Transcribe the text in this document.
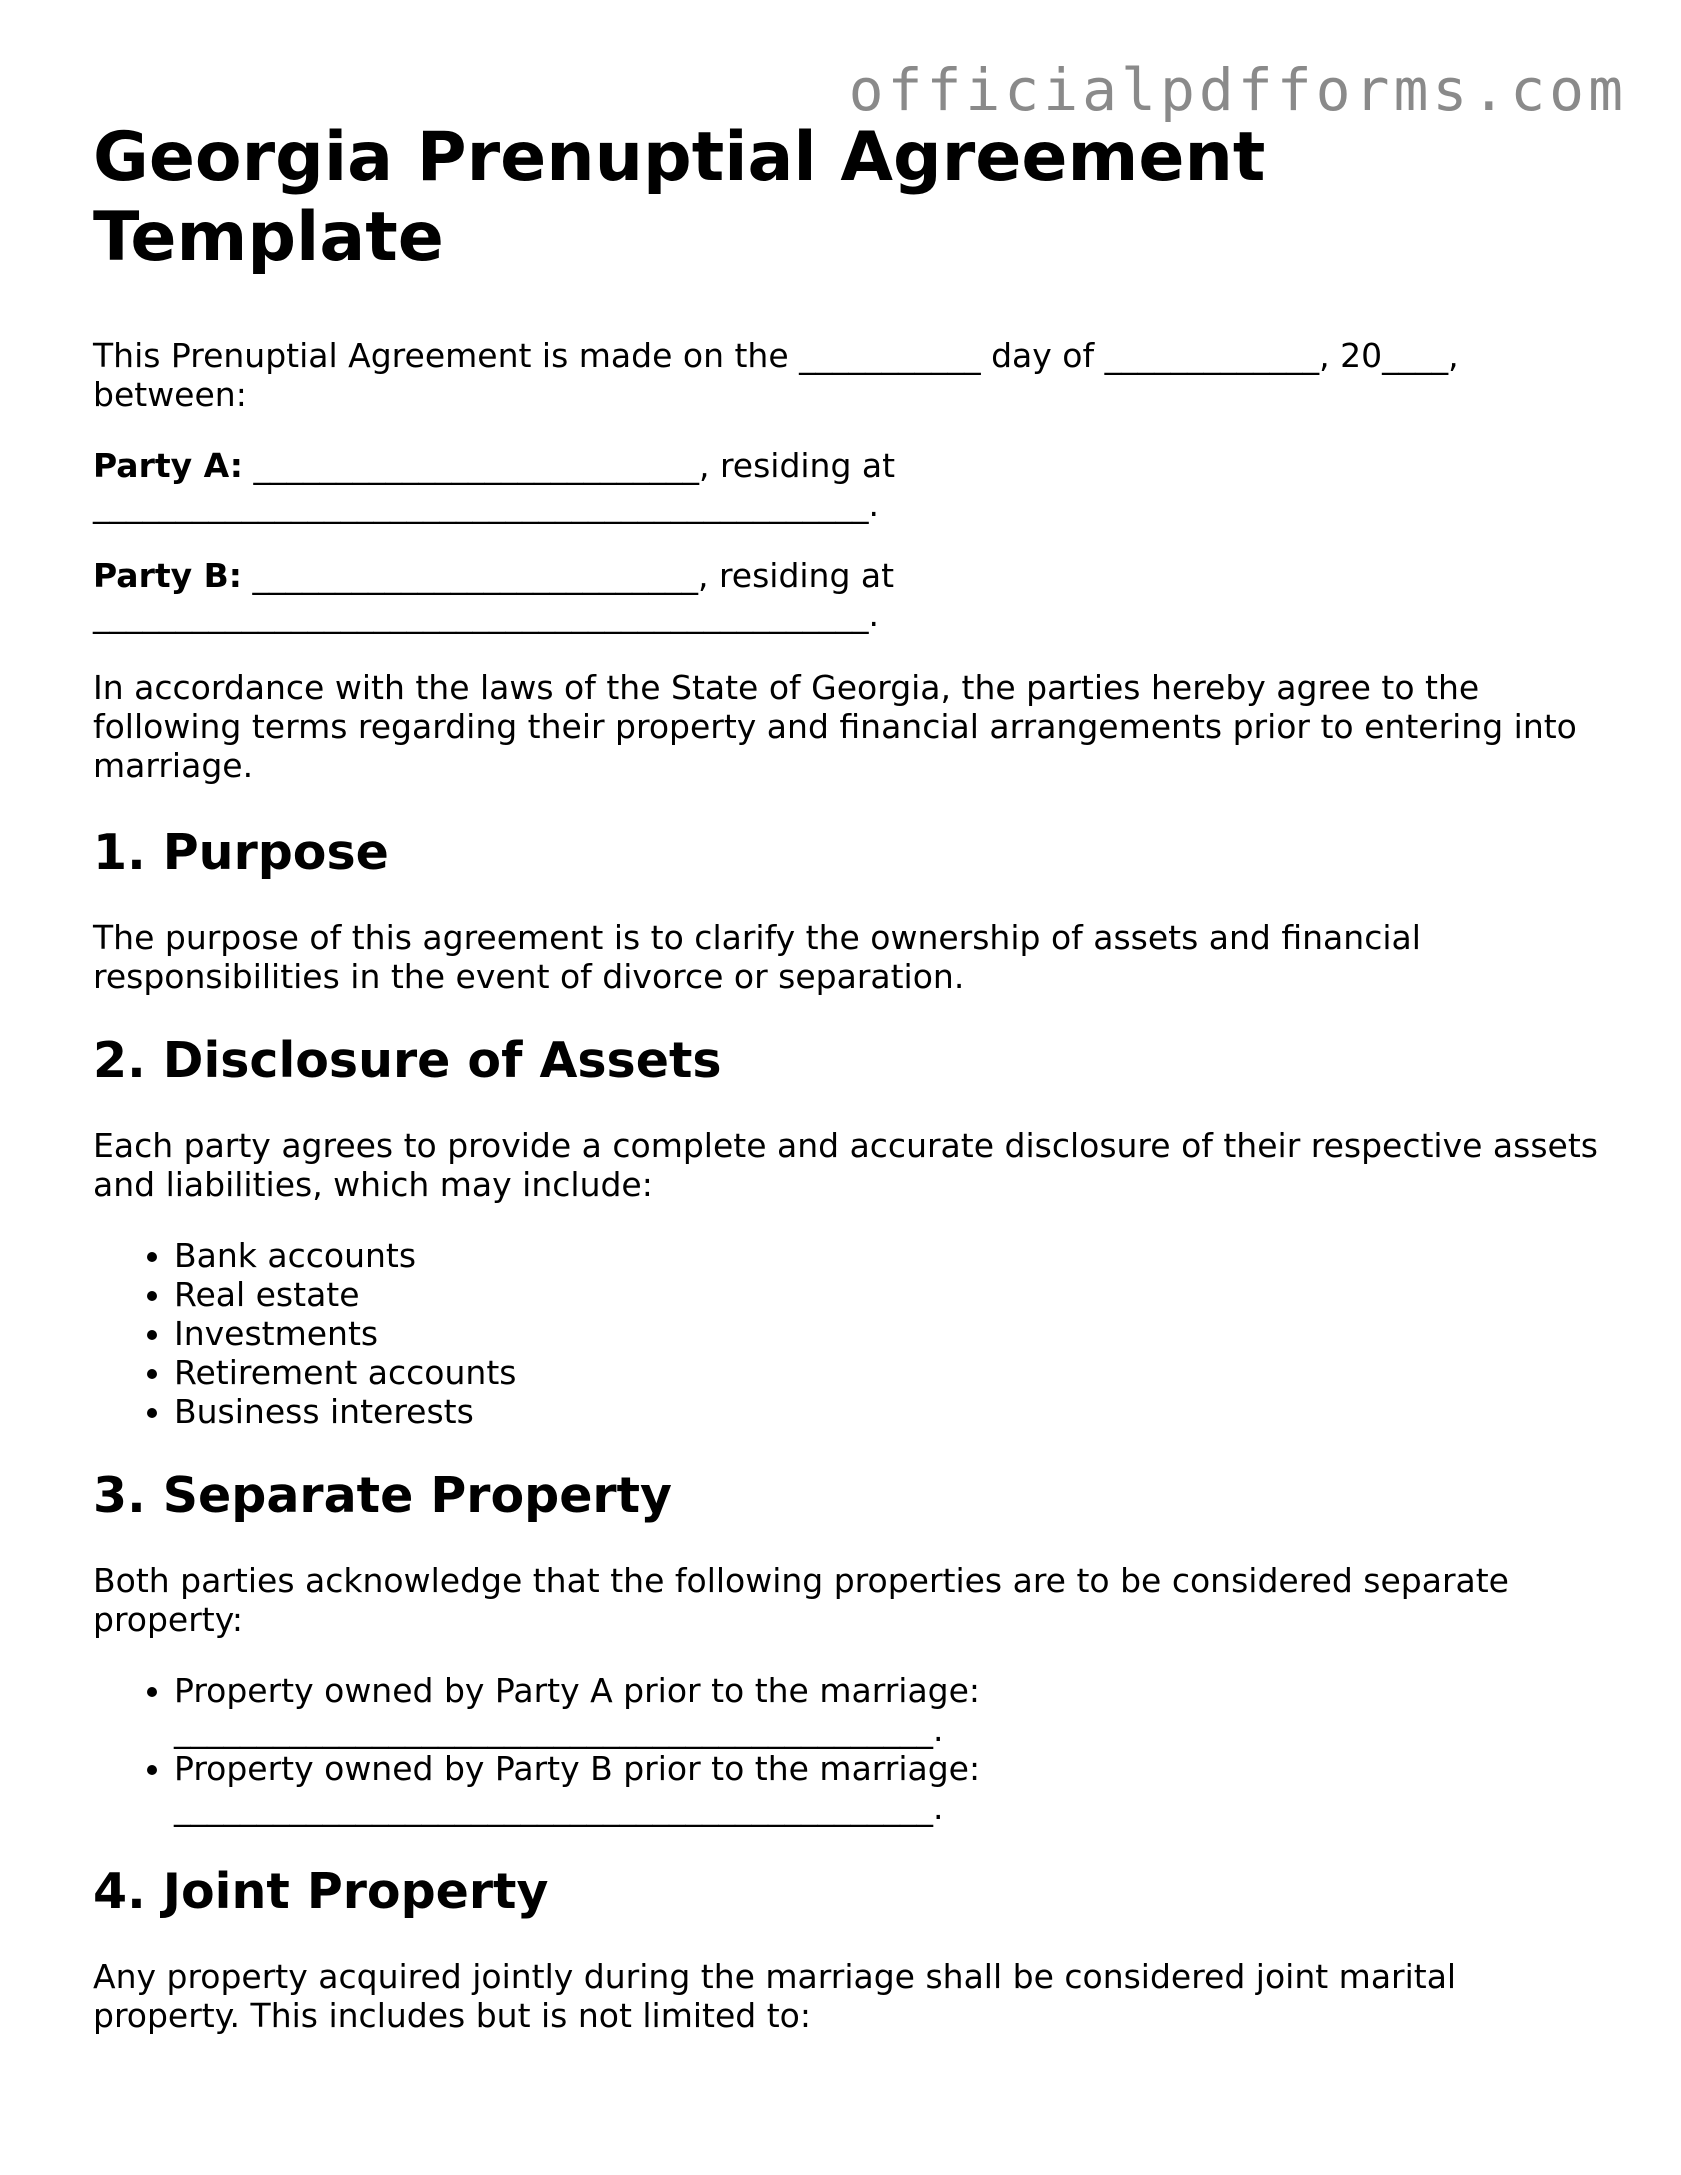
officialpdfforms.com
Georgia Prenuptial Agreement Template

This Prenuptial Agreement is made on the ___________ day of _____________, 20____, between:

Party A: ___________________________, residing at _______________________________________________.

Party B: ___________________________, residing at _______________________________________________.

In accordance with the laws of the State of Georgia, the parties hereby agree to the following terms regarding their property and financial arrangements prior to entering into marriage.

1. Purpose

The purpose of this agreement is to clarify the ownership of assets and financial responsibilities in the event of divorce or separation.

2. Disclosure of Assets

Each party agrees to provide a complete and accurate disclosure of their respective assets and liabilities, which may include:

• Bank accounts
• Real estate
• Investments
• Retirement accounts
• Business interests
3. Separate Property

Both parties acknowledge that the following properties are to be considered separate property:

• Property owned by Party A prior to the marriage: ______________________________________________.
• Property owned by Party B prior to the marriage: ______________________________________________.
4. Joint Property

Any property acquired jointly during the marriage shall be considered joint marital property. This includes but is not limited to:
